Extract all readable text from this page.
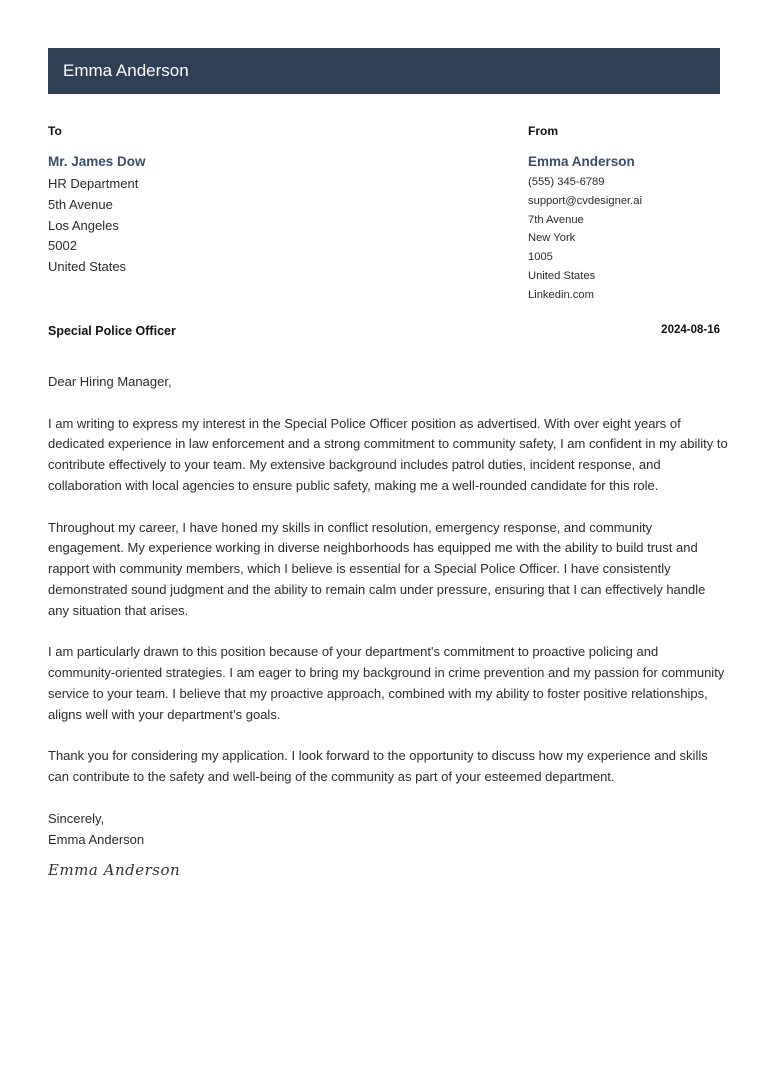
Emma Anderson
To
Mr. James Dow
HR Department
5th Avenue
Los Angeles
5002
United States
From
Emma Anderson
(555) 345-6789
support@cvdesigner.ai
7th Avenue
New York
1005
United States
Linkedin.com
Special Police Officer	2024-08-16

Dear Hiring Manager,

I am writing to express my interest in the Special Police Officer position as advertised. With over eight years of dedicated experience in law enforcement and a strong commitment to community safety, I am confident in my ability to contribute effectively to your team. My extensive background includes patrol duties, incident response, and collaboration with local agencies to ensure public safety, making me a well-rounded candidate for this role.

Throughout my career, I have honed my skills in conflict resolution, emergency response, and community engagement. My experience working in diverse neighborhoods has equipped me with the ability to build trust and rapport with community members, which I believe is essential for a Special Police Officer. I have consistently demonstrated sound judgment and the ability to remain calm under pressure, ensuring that I can effectively handle any situation that arises.

I am particularly drawn to this position because of your department's commitment to proactive policing and community-oriented strategies. I am eager to bring my background in crime prevention and my passion for community service to your team. I believe that my proactive approach, combined with my ability to foster positive relationships, aligns well with your department’s goals.

Thank you for considering my application. I look forward to the opportunity to discuss how my experience and skills can contribute to the safety and well-being of the community as part of your esteemed department.

Sincerely,
Emma Anderson
Emma Anderson
